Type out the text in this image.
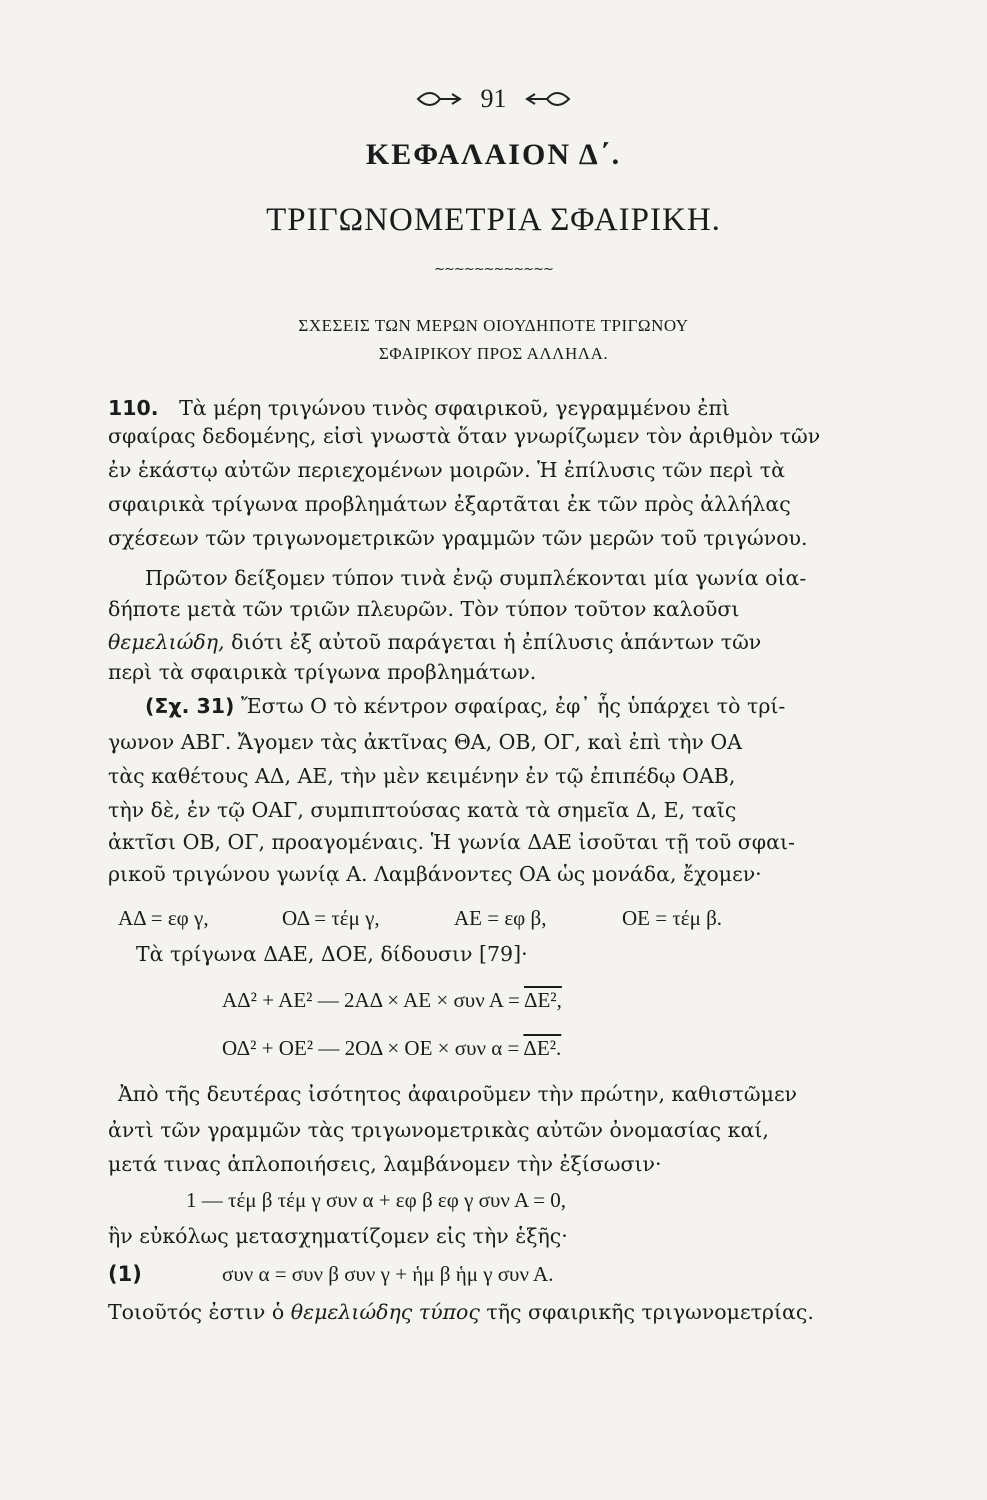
91
ΚΕΦΑΛΑΙΟΝ Δ΄.
ΤΡΙΓΩΝΟΜΕΤΡΙΑ ΣΦΑΙΡΙΚΗ.
~~~~~~~~~~~~
ΣΧΕΣΕΙΣ ΤΩΝ ΜΕΡΩΝ ΟΙΟΥΔΗΠΟΤΕ ΤΡΙΓΩΝΟΥ
ΣΦΑΙΡΙΚΟΥ ΠΡΟΣ ΑΛΛΗΛΑ.
110. Τὰ μέρη τριγώνου τινὸς σφαιρικοῦ, γεγραμμένου ἐπὶ
σφαίρας δεδομένης, εἰσὶ γνωστὰ ὅταν γνωρίζωμεν τὸν ἀριθμὸν τῶν
ἐν ἑκάστῳ αὐτῶν περιεχομένων μοιρῶν. Ἡ ἐπίλυσις τῶν περὶ τὰ
σφαιρικὰ τρίγωνα προβλημάτων ἐξαρτᾶται ἐκ τῶν πρὸς ἀλλήλας
σχέσεων τῶν τριγωνομετρικῶν γραμμῶν τῶν μερῶν τοῦ τριγώνου.
Πρῶτον δείξομεν τύπον τινὰ ἐνῷ συμπλέκονται μία γωνία οἱα-
δήποτε μετὰ τῶν τριῶν πλευρῶν. Τὸν τύπον τοῦτον καλοῦσι
θεμελιώδη, διότι ἐξ αὐτοῦ παράγεται ἡ ἐπίλυσις ἁπάντων τῶν
περὶ τὰ σφαιρικὰ τρίγωνα προβλημάτων.
(Σχ. 31) Ἔστω Ο τὸ κέντρον σφαίρας, ἐφ᾽ ἧς ὑπάρχει τὸ τρί-
γωνον ΑΒΓ. Ἄγομεν τὰς ἀκτῖνας ΘΑ, ΟΒ, ΟΓ, καὶ ἐπὶ τὴν ΟΑ
τὰς καθέτους ΑΔ, ΑΕ, τὴν μὲν κειμένην ἐν τῷ ἐπιπέδῳ ΟΑΒ,
τὴν δὲ, ἐν τῷ ΟΑΓ, συμπιπτούσας κατὰ τὰ σημεῖα Δ, Ε, ταῖς
ἀκτῖσι ΟΒ, ΟΓ, προαγομέναις. Ἡ γωνία ΔΑΕ ἰσοῦται τῇ τοῦ σφαι-
ρικοῦ τριγώνου γωνίᾳ Α. Λαμβάνοντες ΟΑ ὡς μονάδα, ἔχομεν·
ΑΔ = εφ γ,	ΟΔ = τέμ γ,	ΑΕ = εφ β,	ΟΕ = τέμ β.
Τὰ τρίγωνα ΔΑΕ, ΔΟΕ, δίδουσιν [79]·
ΑΔ² + ΑΕ² — 2ΑΔ × ΑΕ × συν Α = ΔΕ²,
ΟΔ² + ΟΕ² — 2ΟΔ × ΟΕ × συν α = ΔΕ².
Ἀπὸ τῆς δευτέρας ἰσότητος ἀφαιροῦμεν τὴν πρώτην, καθιστῶμεν
ἀντὶ τῶν γραμμῶν τὰς τριγωνομετρικὰς αὐτῶν ὀνομασίας καί,
μετά τινας ἁπλοποιήσεις, λαμβάνομεν τὴν ἐξίσωσιν·
1 — τέμ β τέμ γ συν α + εφ β εφ γ συν Α = 0,
ἣν εὐκόλως μετασχηματίζομεν εἰς τὴν ἑξῆς·
(1)	συν α = συν β συν γ + ἡμ β ἡμ γ συν Α.
Τοιοῦτός ἐστιν ὁ θεμελιώδης τύπος τῆς σφαιρικῆς τριγωνομετρίας.
